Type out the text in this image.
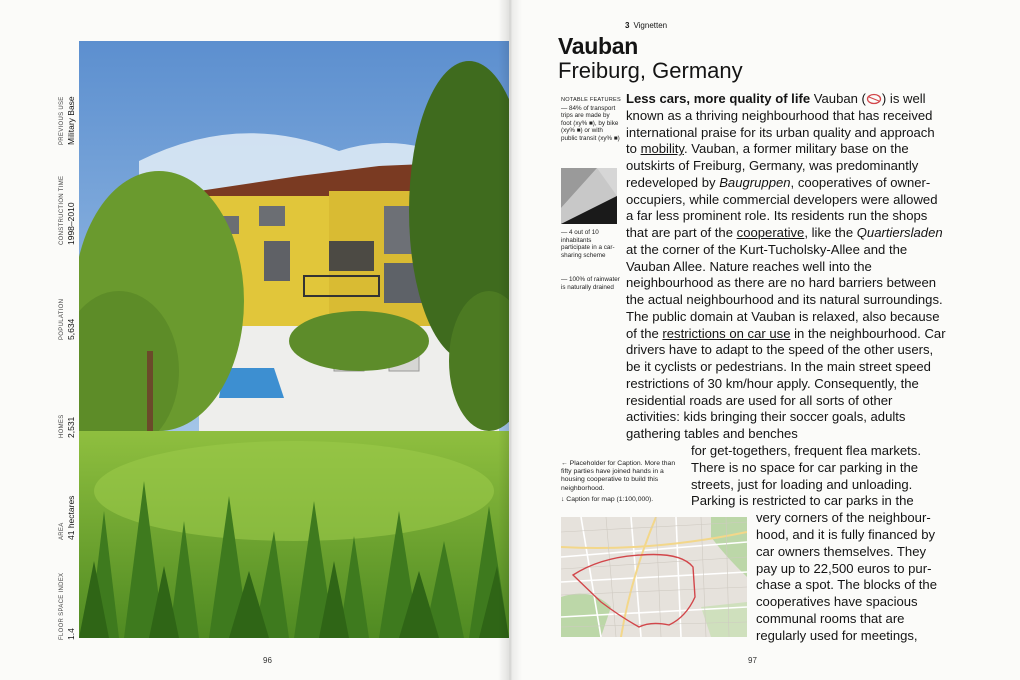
PREVIOUS USE Military Base
CONSTRUCTION TIME 1998–2010
POPULATION 5,634
HOMES 2,531
AREA 41 hectares
FLOOR SPACE INDEX 1.4
96
3 Vignetten
Vauban
Freiburg, Germany
NOTABLE FEATURES
— 84% of transport trips are made by foot (xy% ■), by bike (xy% ■) or with public transit (xy% ■)
— 4 out of 10 inhabitants participate in a car-sharing scheme
— 100% of rainwater is naturally drained

Less cars, more quality of life Vauban ( ) is well known as a thriving neighbourhood that has received international praise for its urban quality and approach to mobility. Vauban, a former military base on the outskirts of Freiburg, Germany, was predominantly redeveloped by Baugruppen, cooperatives of owner-occupiers, while commercial developers were allowed a far less prominent role. Its residents run the shops that are part of the cooperative, like the Quartiersladen at the corner of the Kurt-Tucholsky-Allee and the Vauban Allee. Nature reaches well into the neighbourhood as there are no hard barriers between the actual neighbourhood and its natural surroundings. The public domain at Vauban is relaxed, also because of the restrictions on car use in the neighbourhood. Car drivers have to adapt to the speed of the other users, be it cyclists or pedestrians. In the main street speed restrictions of 30 km/hour apply. Consequently, the residential roads are used for all sorts of other activities: kids bringing their soccer goals, adults gathering tables and benches

for get-togethers, frequent flea markets.
There is no space for car parking in the
streets, just for loading and unloading.
Parking is restricted to car parks in the
very corners of the neighbour-
hood, and it is fully financed by
car owners themselves. They
pay up to 22,500 euros to pur-
chase a spot. The blocks of the
cooperatives have spacious
communal rooms that are
regularly used for meetings,
← Placeholder for Caption. More than fifty parties have joined hands in a housing cooperative to build this neighborhood.
↓ Caption for map (1:100,000).
97
